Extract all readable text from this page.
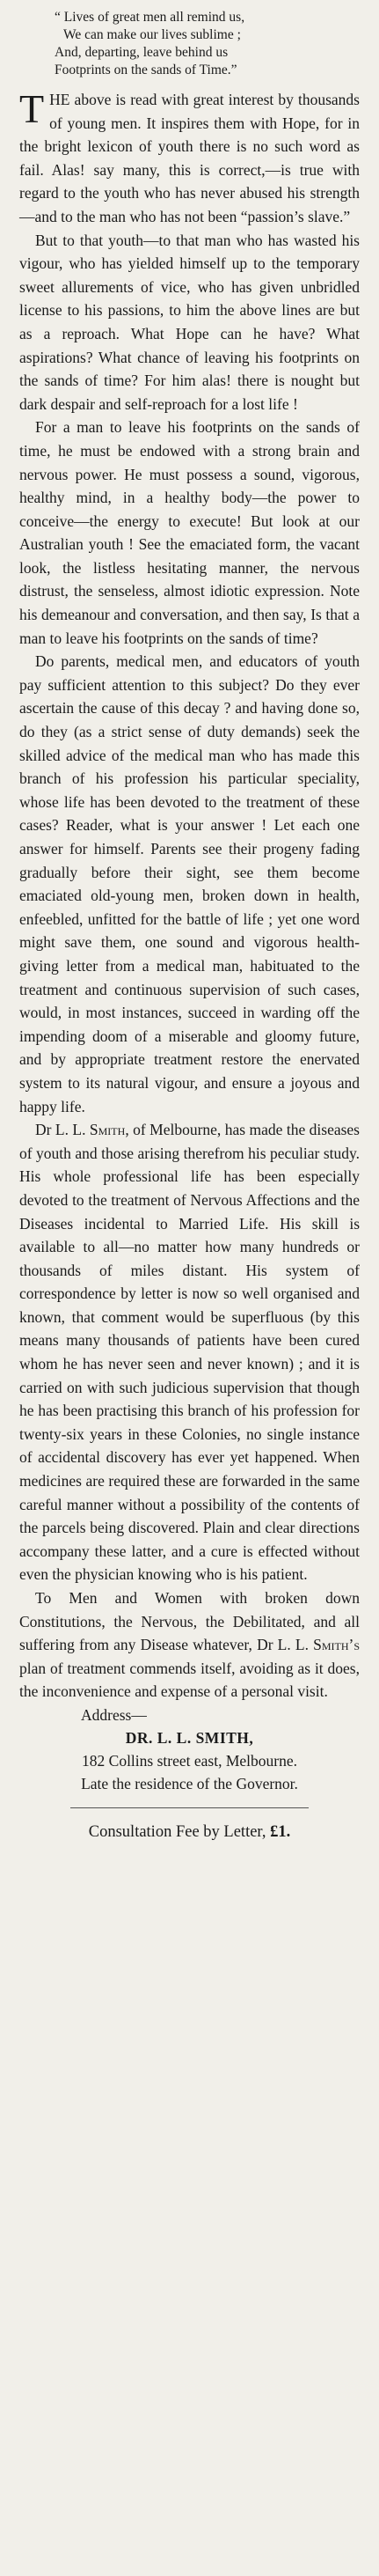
“ Lives of great men all remind us,
We can make our lives sublime ;
And, departing, leave behind us
Footprints on the sands of Time.”

THE above is read with great interest by thousands of young men. It inspires them with Hope, for in the bright lexicon of youth there is no such word as fail. Alas! say many, this is correct,—is true with regard to the youth who has never abused his strength—and to the man who has not been “passion’s slave.”

But to that youth—to that man who has wasted his vigour, who has yielded himself up to the temporary sweet allurements of vice, who has given unbridled license to his passions, to him the above lines are but as a reproach. What Hope can he have? What aspirations? What chance of leaving his footprints on the sands of time? For him alas! there is nought but dark despair and self-reproach for a lost life !

For a man to leave his footprints on the sands of time, he must be endowed with a strong brain and nervous power. He must possess a sound, vigorous, healthy mind, in a healthy body—the power to conceive—the energy to execute! But look at our Australian youth ! See the emaciated form, the vacant look, the listless hesitating manner, the nervous distrust, the senseless, almost idiotic expression. Note his demeanour and conversation, and then say, Is that a man to leave his footprints on the sands of time?

Do parents, medical men, and educators of youth pay sufficient attention to this subject? Do they ever ascertain the cause of this decay ? and having done so, do they (as a strict sense of duty demands) seek the skilled advice of the medical man who has made this branch of his profession his particular speciality, whose life has been devoted to the treatment of these cases? Reader, what is your answer ! Let each one answer for himself. Parents see their progeny fading gradually before their sight, see them become emaciated old-young men, broken down in health, enfeebled, unfitted for the battle of life ; yet one word might save them, one sound and vigorous health-giving letter from a medical man, habituated to the treatment and continuous supervision of such cases, would, in most instances, succeed in warding off the impending doom of a miserable and gloomy future, and by appropriate treatment restore the enervated system to its natural vigour, and ensure a joyous and happy life.

Dr L. L. Smith, of Melbourne, has made the diseases of youth and those arising therefrom his peculiar study. His whole professional life has been especially devoted to the treatment of Nervous Affections and the Diseases incidental to Married Life. His skill is available to all—no matter how many hundreds or thousands of miles distant. His system of correspondence by letter is now so well organised and known, that comment would be superfluous (by this means many thousands of patients have been cured whom he has never seen and never known) ; and it is carried on with such judicious supervision that though he has been practising this branch of his profession for twenty-six years in these Colonies, no single instance of accidental discovery has ever yet happened. When medicines are required these are forwarded in the same careful manner without a possibility of the contents of the parcels being discovered. Plain and clear directions accompany these latter, and a cure is effected without even the physician knowing who is his patient.

To Men and Women with broken down Constitutions, the Nervous, the Debilitated, and all suffering from any Disease whatever, Dr L. L. Smith’s plan of treatment commends itself, avoiding as it does, the inconvenience and expense of a personal visit.

Address—
DR. L. L. SMITH,
182 Collins street east, Melbourne.
Late the residence of the Governor.
Consultation Fee by Letter, £1.
